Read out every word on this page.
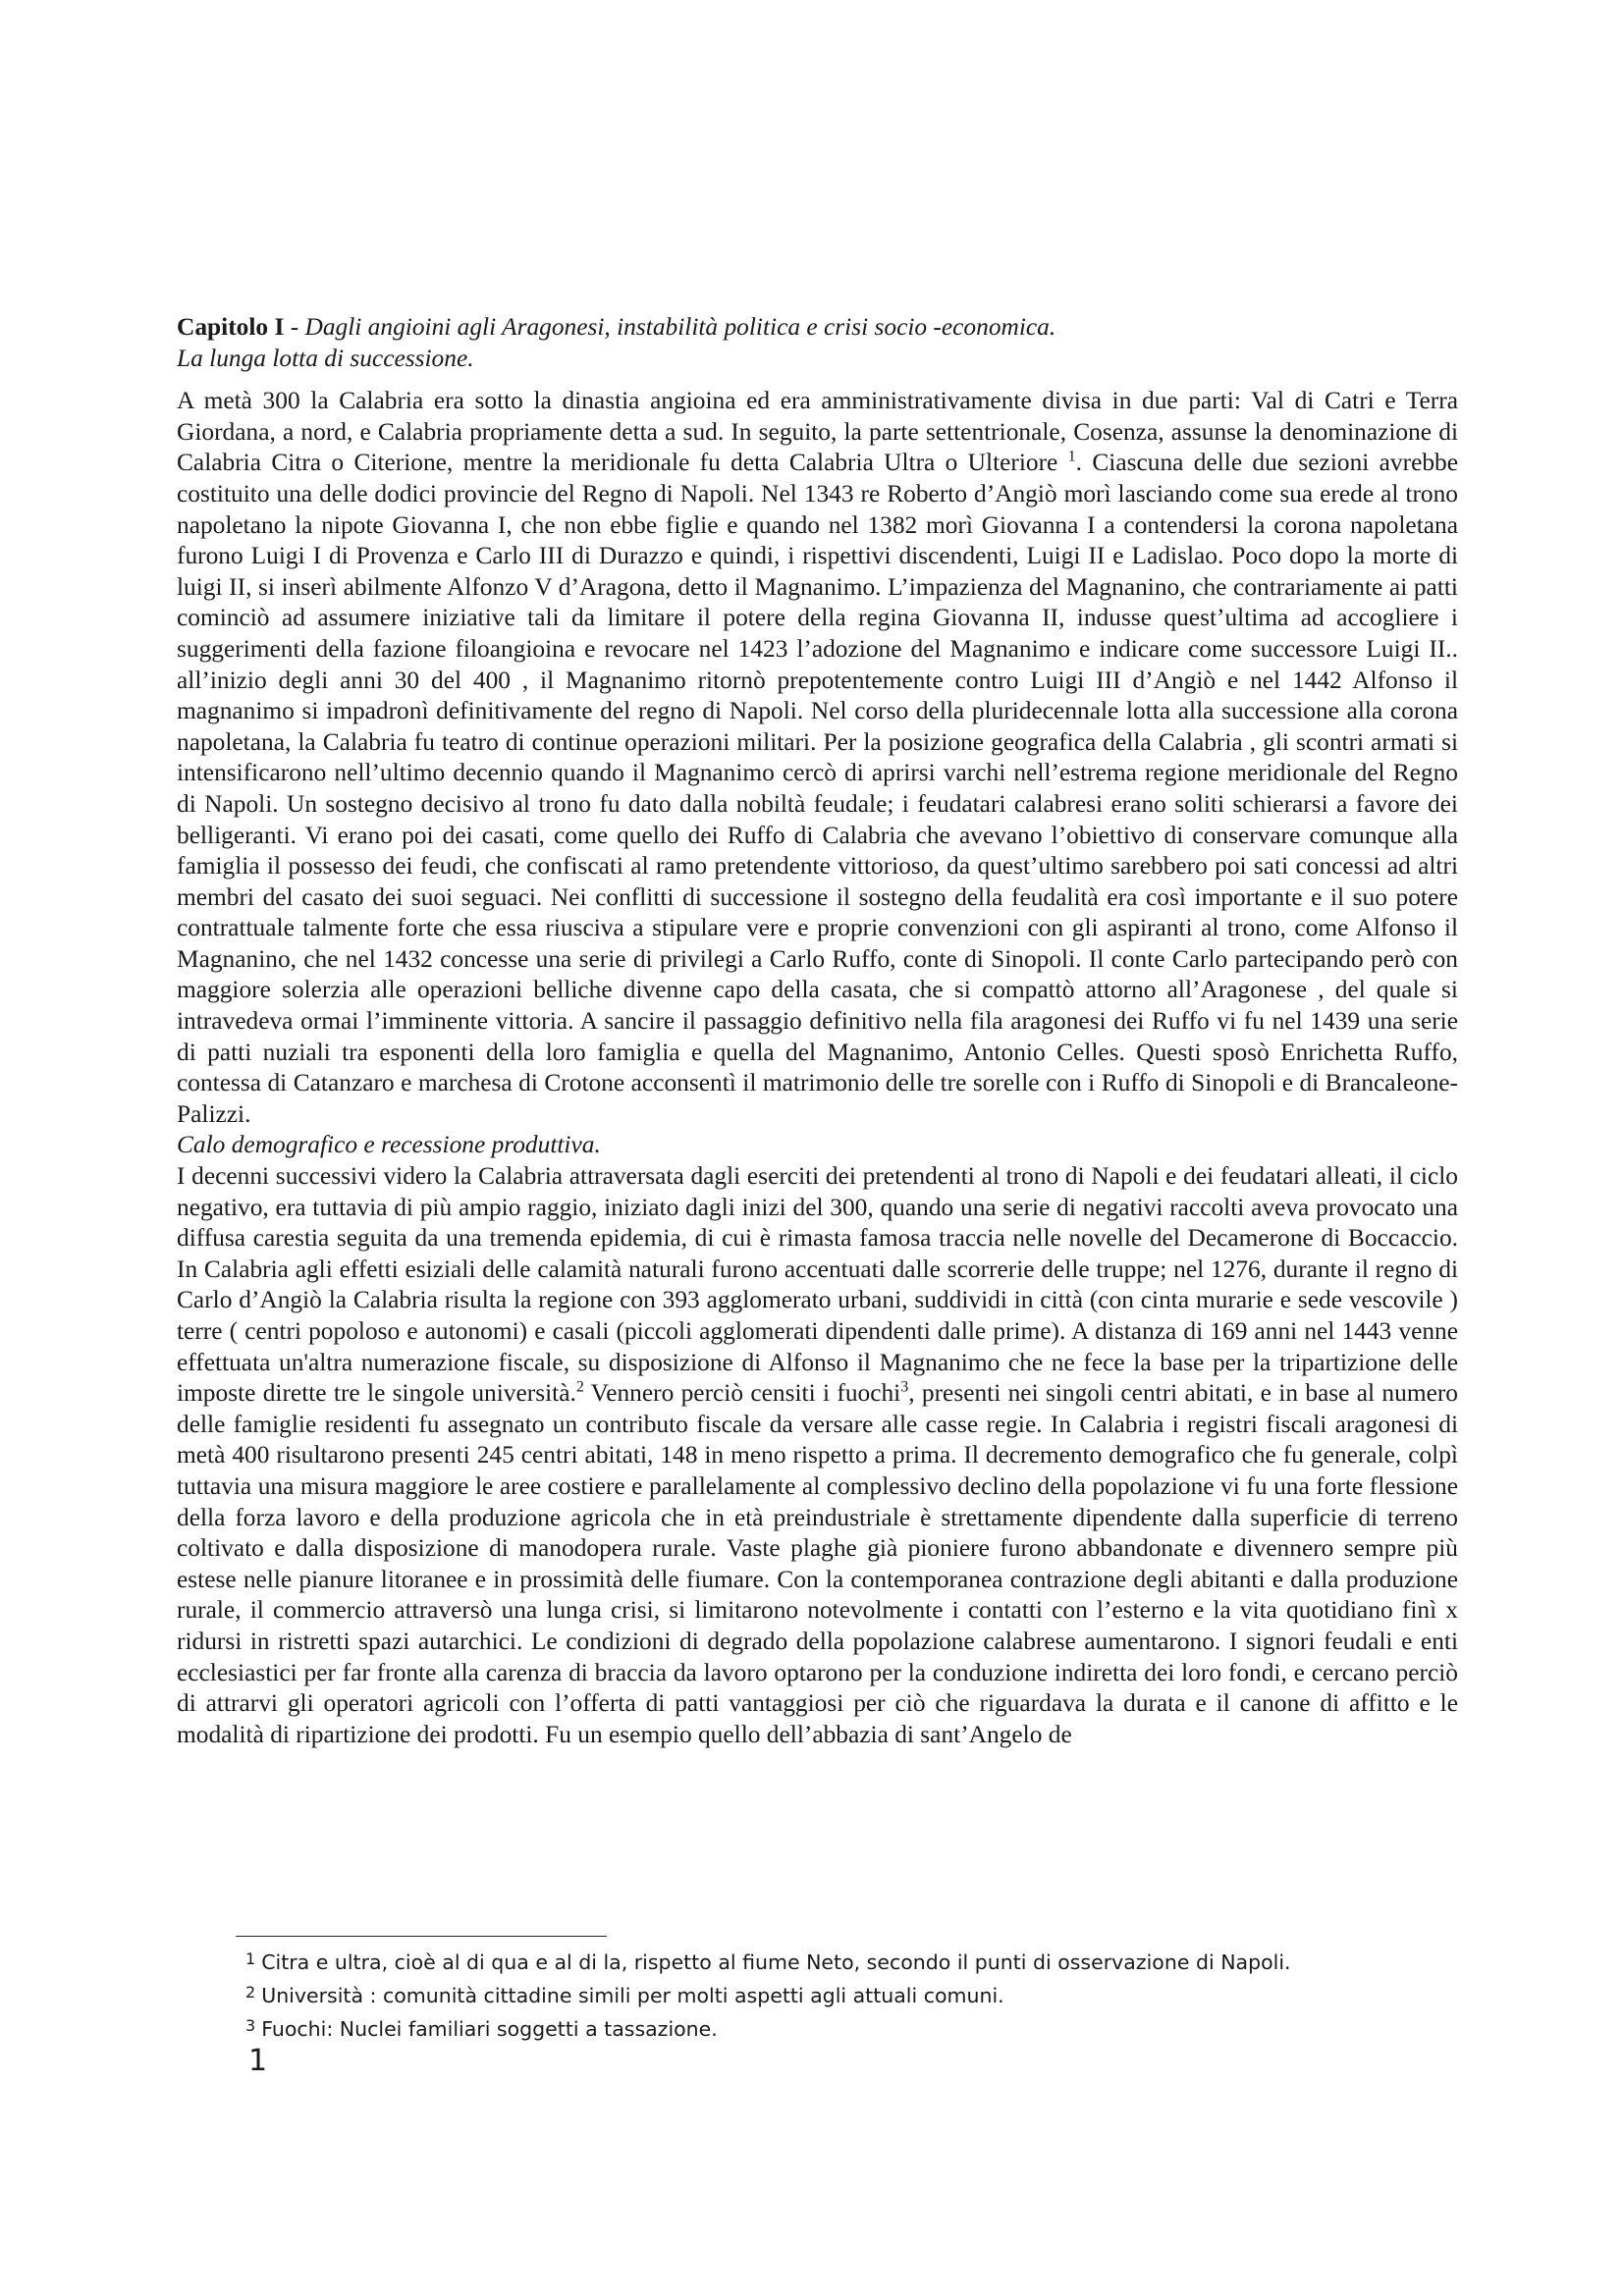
Capitolo I - Dagli angioini agli Aragonesi, instabilità politica e crisi socio -economica.

La lunga lotta di successione.

A metà 300 la Calabria era sotto la dinastia angioina ed era amministrativamente divisa in due parti: Val di Catri e Terra Giordana, a nord, e Calabria propriamente detta a sud. In seguito, la parte settentrionale, Cosenza, assunse la denominazione di Calabria Citra o Citerione, mentre la meridionale fu detta Calabria Ultra o Ulteriore $^1$. Ciascuna delle due sezioni avrebbe costituito una delle dodici provincie del Regno di Napoli. Nel 1343 re Roberto d’Angiò morì lasciando come sua erede al trono napoletano la nipote Giovanna I, che non ebbe figlie e quando nel 1382 morì Giovanna I a contendersi la corona napoletana furono Luigi I di Provenza e Carlo III di Durazzo e quindi, i rispettivi discendenti, Luigi II e Ladislao. Poco dopo la morte di luigi II, si inserì abilmente Alfonzo V d’Aragona, detto il Magnanimo. L’impazienza del Magnanino, che contrariamente ai patti cominciò ad assumere iniziative tali da limitare il potere della regina Giovanna II, indusse quest’ultima ad accogliere i suggerimenti della fazione filoangioina e revocare nel 1423 l’adozione del Magnanimo e indicare come successore Luigi II.. all’inizio degli anni 30 del 400 , il Magnanimo ritornò prepotentemente contro Luigi III d’Angiò e nel 1442 Alfonso il magnanimo si impadronì definitivamente del regno di Napoli. Nel corso della pluridecennale lotta alla successione alla corona napoletana, la Calabria fu teatro di continue operazioni militari. Per la posizione geografica della Calabria , gli scontri armati si intensificarono nell’ultimo decennio quando il Magnanimo cercò di aprirsi varchi nell’estrema regione meridionale del Regno di Napoli. Un sostegno decisivo al trono fu dato dalla nobiltà feudale; i feudatari calabresi erano soliti schierarsi a favore dei belligeranti. Vi erano poi dei casati, come quello dei Ruffo di Calabria che avevano l’obiettivo di conservare comunque alla famiglia il possesso dei feudi, che confiscati al ramo pretendente vittorioso, da quest’ultimo sarebbero poi sati concessi ad altri membri del casato dei suoi seguaci. Nei conflitti di successione il sostegno della feudalità era così importante e il suo potere contrattuale talmente forte che essa riusciva a stipulare vere e proprie convenzioni con gli aspiranti al trono, come Alfonso il Magnanino, che nel 1432 concesse una serie di privilegi a Carlo Ruffo, conte di Sinopoli. Il conte Carlo partecipando però con maggiore solerzia alle operazioni belliche divenne capo della casata, che si compattò attorno all’Aragonese , del quale si intravedeva ormai l’imminente vittoria. A sancire il passaggio definitivo nella fila aragonesi dei Ruffo vi fu nel 1439 una serie di patti nuziali tra esponenti della loro famiglia e quella del Magnanimo, Antonio Celles. Questi sposò Enrichetta Ruffo, contessa di Catanzaro e marchesa di Crotone acconsentì il matrimonio delle tre sorelle con i Ruffo di Sinopoli e di Brancaleone- Palizzi.

Calo demografico e recessione produttiva.

I decenni successivi videro la Calabria attraversata dagli eserciti dei pretendenti al trono di Napoli e dei feudatari alleati, il ciclo negativo, era tuttavia di più ampio raggio, iniziato dagli inizi del 300, quando una serie di negativi raccolti aveva provocato una diffusa carestia seguita da una tremenda epidemia, di cui è rimasta famosa traccia nelle novelle del Decamerone di Boccaccio. In Calabria agli effetti esiziali delle calamità naturali furono accentuati dalle scorrerie delle truppe; nel 1276, durante il regno di Carlo d’Angiò la Calabria risulta la regione con 393 agglomerato urbani, suddividi in città (con cinta murarie e sede vescovile ) terre ( centri popoloso e autonomi) e casali (piccoli agglomerati dipendenti dalle prime). A distanza di 169 anni nel 1443 venne effettuata un'altra numerazione fiscale, su disposizione di Alfonso il Magnanimo che ne fece la base per la tripartizione delle imposte dirette tre le singole università.$^2$ Vennero perciò censiti i fuochi$^3$, presenti nei singoli centri abitati, e in base al numero delle famiglie residenti fu assegnato un contributo fiscale da versare alle casse regie. In Calabria i registri fiscali aragonesi di metà 400 risultarono presenti 245 centri abitati, 148 in meno rispetto a prima. Il decremento demografico che fu generale, colpì tuttavia una misura maggiore le aree costiere e parallelamente al complessivo declino della popolazione vi fu una forte flessione della forza lavoro e della produzione agricola che in età preindustriale è strettamente dipendente dalla superficie di terreno coltivato e dalla disposizione di manodopera rurale. Vaste plaghe già pioniere furono abbandonate e divennero sempre più estese nelle pianure litoranee e in prossimità delle fiumare. Con la contemporanea contrazione degli abitanti e dalla produzione rurale, il commercio attraversò una lunga crisi, si limitarono notevolmente i contatti con l’esterno e la vita quotidiano finì x ridursi in ristretti spazi autarchici. Le condizioni di degrado della popolazione calabrese aumentarono. I signori feudali e enti ecclesiastici per far fronte alla carenza di braccia da lavoro optarono per la conduzione indiretta dei loro fondi, e cercano perciò di attrarvi gli operatori agricoli con l’offerta di patti vantaggiosi per ciò che riguardava la durata e il canone di affitto e le modalità di ripartizione dei prodotti. Fu un esempio quello dell’abbazia di sant’Angelo de

$^1$ Citra e ultra, cioè al di qua e al di la, rispetto al fiume Neto, secondo il punti di osservazione di Napoli.

$^2$ Università : comunità cittadine simili per molti aspetti agli attuali comuni.

$^3$ Fuochi: Nuclei familiari soggetti a tassazione.

1
